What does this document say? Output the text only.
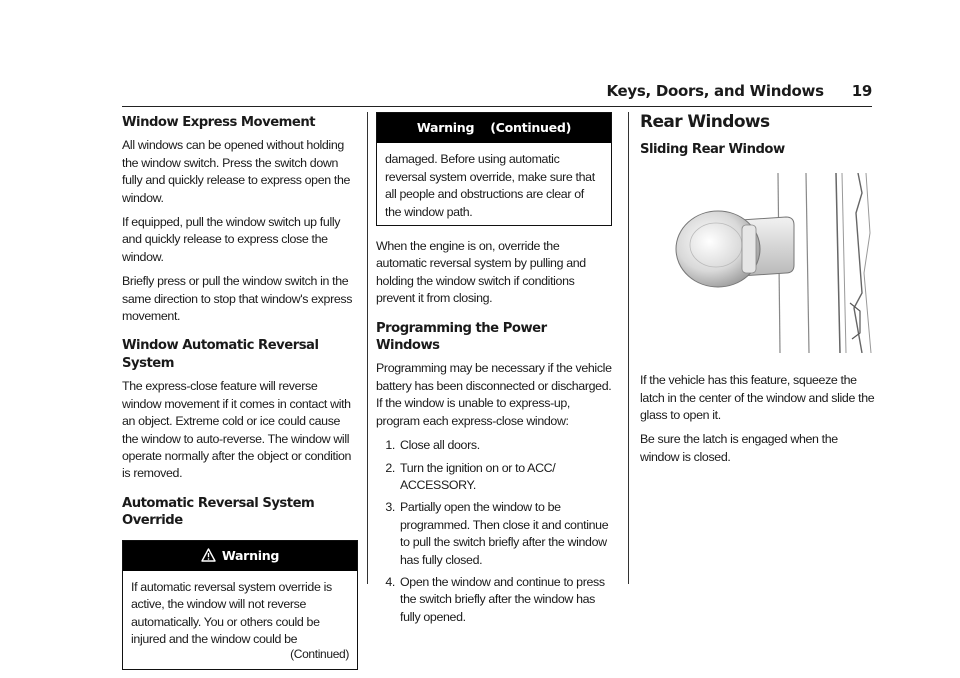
Keys, Doors, and Windows 19
Window Express Movement

All windows can be opened without holding the window switch. Press the switch down fully and quickly release to express open the window.

If equipped, pull the window switch up fully and quickly release to express close the window.

Briefly press or pull the window switch in the same direction to stop that window's express movement.

Window Automatic Reversal System

The express-close feature will reverse window movement if it comes in contact with an object. Extreme cold or ice could cause the window to auto-reverse. The window will operate normally after the object or condition is removed.

Automatic Reversal System Override
Warning
If automatic reversal system override is active, the window will not reverse automatically. You or others could be injured and the window could be
(Continued)
Warning (Continued)
damaged. Before using automatic reversal system override, make sure that all people and obstructions are clear of the window path.

When the engine is on, override the automatic reversal system by pulling and holding the window switch if conditions prevent it from closing.

Programming the Power Windows

Programming may be necessary if the vehicle battery has been disconnected or discharged. If the window is unable to express-up, program each express-close window:

1. Close all doors.
2. Turn the ignition on or to ACC/ ACCESSORY.
3. Partially open the window to be programmed. Then close it and continue to pull the switch briefly after the window has fully closed.
4. Open the window and continue to press the switch briefly after the window has fully opened.
Rear Windows
Sliding Rear Window

If the vehicle has this feature, squeeze the latch in the center of the window and slide the glass to open it.

Be sure the latch is engaged when the window is closed.
